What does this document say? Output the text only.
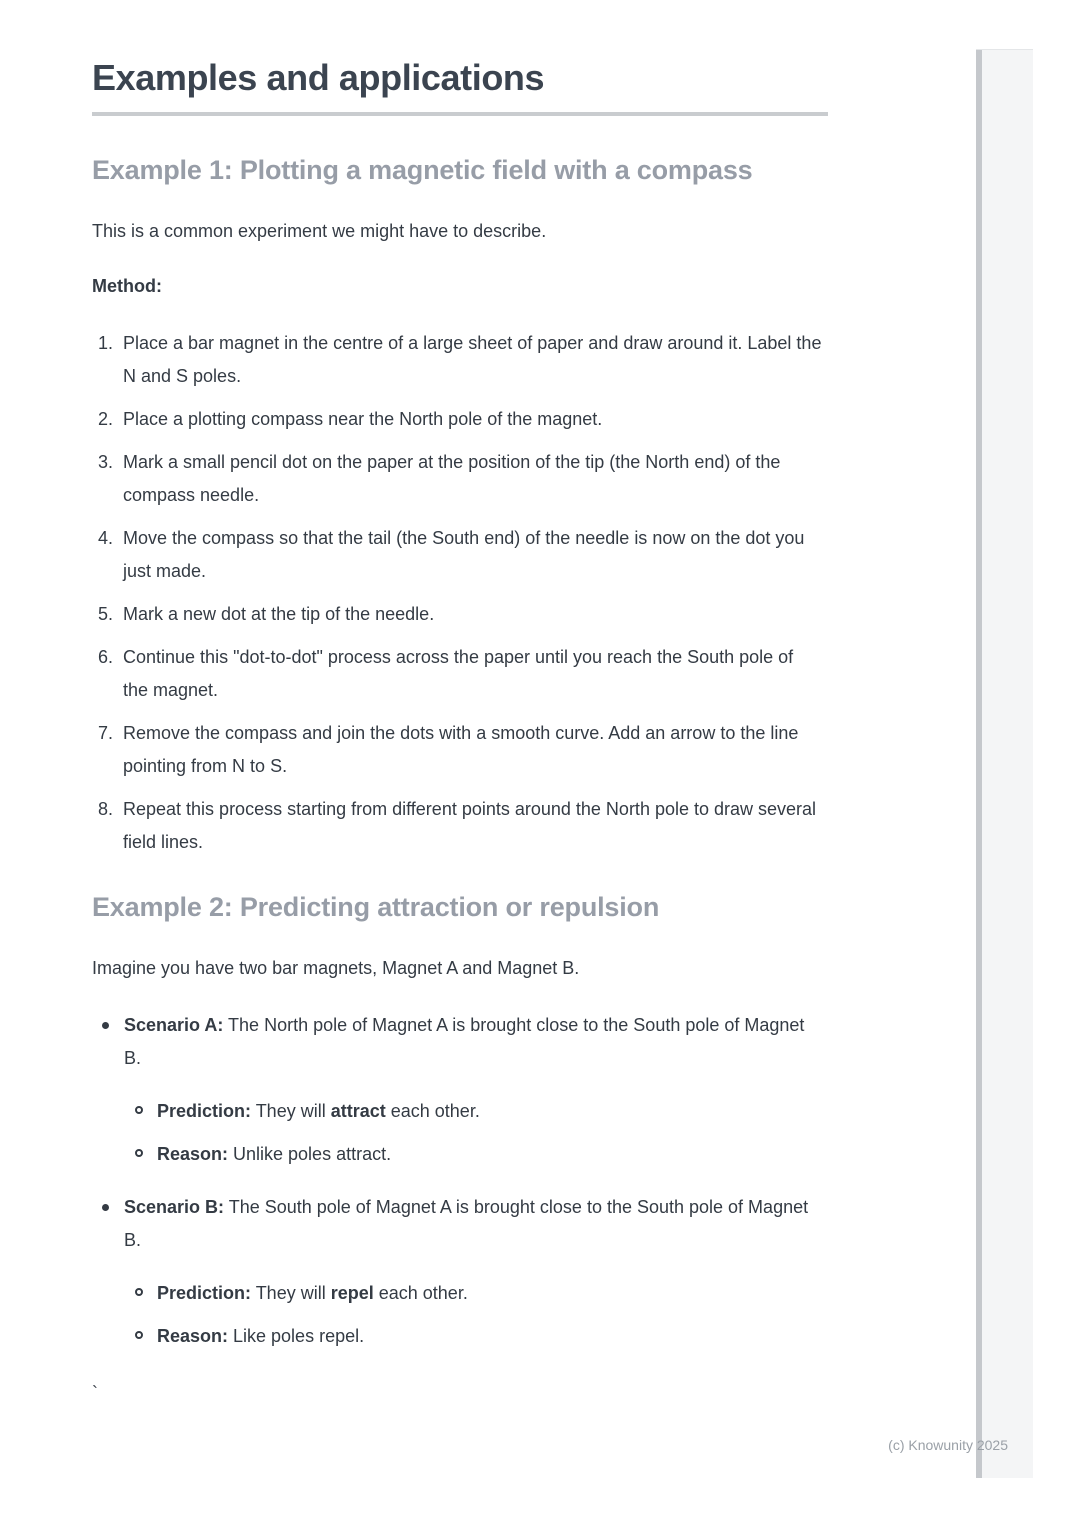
Examples and applications
Example 1: Plotting a magnetic field with a compass

This is a common experiment we might have to describe.

Method:

1. Place a bar magnet in the centre of a large sheet of paper and draw around it. Label the N and S poles.
2. Place a plotting compass near the North pole of the magnet.
3. Mark a small pencil dot on the paper at the position of the tip (the North end) of the compass needle.
4. Move the compass so that the tail (the South end) of the needle is now on the dot you just made.
5. Mark a new dot at the tip of the needle.
6. Continue this "dot-to-dot" process across the paper until you reach the South pole of the magnet.
7. Remove the compass and join the dots with a smooth curve. Add an arrow to the line pointing from N to S.
8. Repeat this process starting from different points around the North pole to draw several field lines.
Example 2: Predicting attraction or repulsion

Imagine you have two bar magnets, Magnet A and Magnet B.

Scenario A: The North pole of Magnet A is brought close to the South pole of Magnet B.
Prediction: They will attract each other.
Reason: Unlike poles attract.
Scenario B: The South pole of Magnet A is brought close to the South pole of Magnet B.
Prediction: They will repel each other.
Reason: Like poles repel.

`

(c) Knowunity 2025
